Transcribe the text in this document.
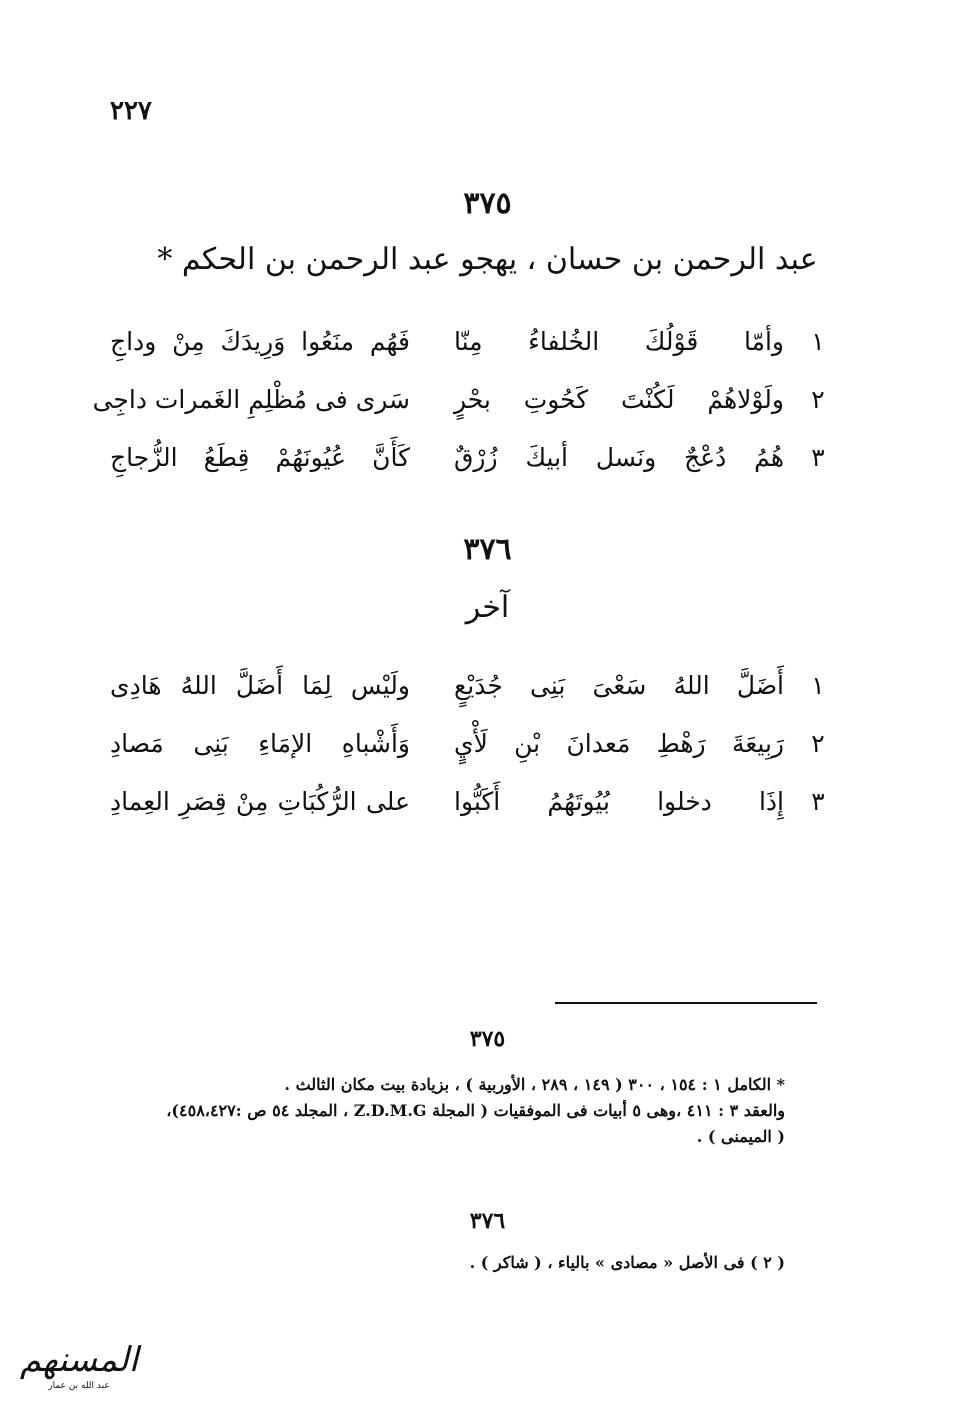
٢٢٧
٣٧٥
عبد الرحمن بن حسان ، يهجو عبد الرحمن بن الحكم *
١
وأمّا قَوْلُكَ الخُلفاءُ مِنّا
فَهُم منَعُوا وَرِيدَكَ مِنْ وداجِ
٢
ولَوْلاهُمْ لَكُنْتَ كَحُوتِ بحْرٍ
سَرى فى مُظْلِمِ الغَمرات داجِى
٣
هُمُ دُعْجٌ ونَسل أبيكَ زُرْقٌ
كَأَنَّ عُيُونَهُمْ قِطَعُ الزُّجاجِ
٣٧٦
آخر
١
أَضَلَّ اللهُ سَعْىَ بَنِى جُدَيْعٍ
ولَيْس لِمَا أَضَلَّ اللهُ هَادِى
٢
رَبِيعَةَ رَهْطِ مَعدانَ بْنِ لَأْيٍ
وَأَشْباهِ الإمَاءِ بَنِى مَصادِ
٣
إِذَا دخلوا بُيُوتَهُمُ أَكَبُّوا
على الرُّكُبَاتِ مِنْ قِصَرِ العِمادِ
٣٧٥
* الكامل ١ : ١٥٤ ، ٣٠٠ ( ١٤٩ ، ٢٨٩ ، الأوربية ) ، بزيادة بيت مكان الثالث .
والعقد ٣ : ٤١١ ،وهى ٥ أبيات فى الموفقيات ( المجلة Z.D.M.G ، المجلد ٥٤ ص :٤٥٨،٤٢٧)،
( الميمنى ) .
٣٧٦
( ٢ ) فى الأصل « مصادى » بالياء ، ( شاكر ) .
المسنهم
عبد الله بن عمار
